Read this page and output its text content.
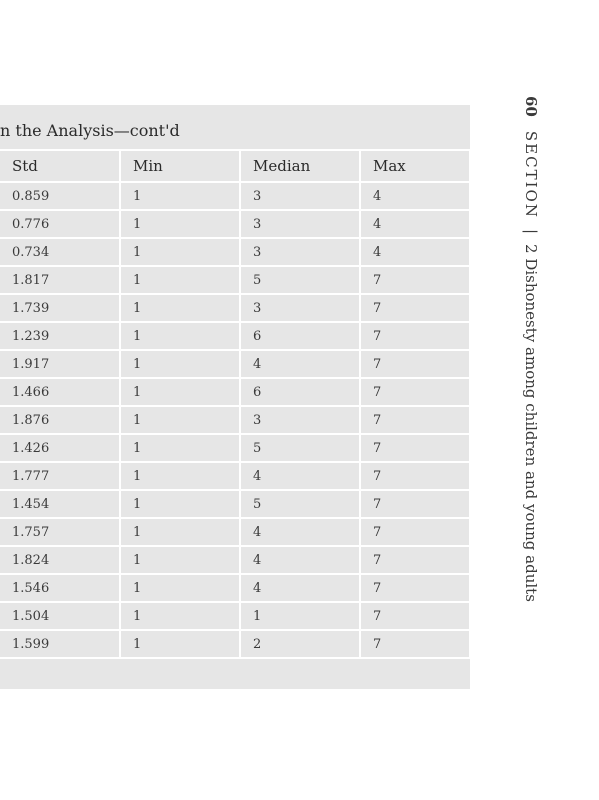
n the Analysis—cont'd
Std	Min	Median	Max
0.859	1	3	4
0.776	1	3	4
0.734	1	3	4
1.817	1	5	7
1.739	1	3	7
1.239	1	6	7
1.917	1	4	7
1.466	1	6	7
1.876	1	3	7
1.426	1	5	7
1.777	1	4	7
1.454	1	5	7
1.757	1	4	7
1.824	1	4	7
1.546	1	4	7
1.504	1	1	7
1.599	1	2	7
60
SECTION
|
2 Dishonesty among children and young adults
